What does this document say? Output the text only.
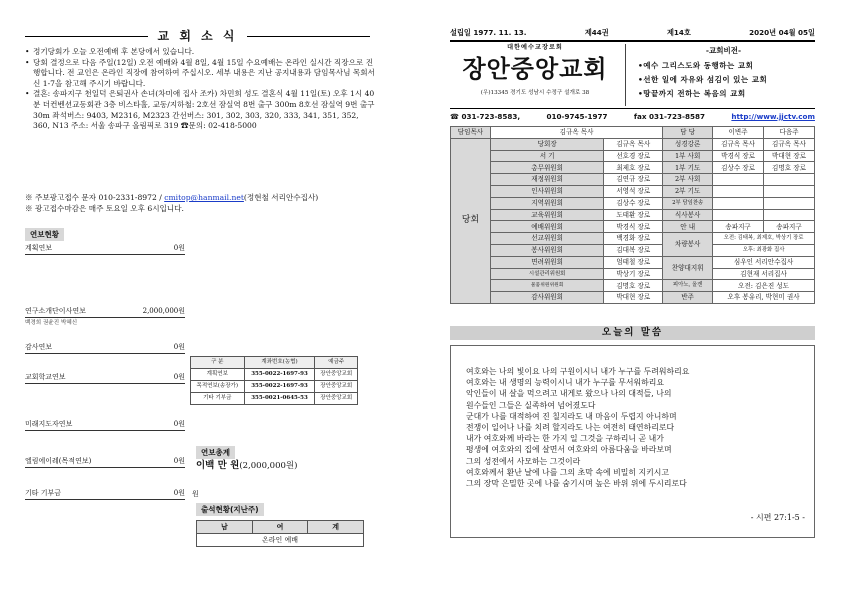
교 회 소 식
• 정기당회가 오늘 오전예배 후 본당에서 있습니다.
• 당회 결정으로 다음 주일(12일) 오전 예배와 4월 8일, 4월 15일 수요예배는 온라인 실시간 직장으로 진행합니다. 전 교인은 온라인 직장에 참여하여 주십시오. 세부 내용은 지난 공지내용과 담임목사님 목회서신 1-7을 참고해 주시기 바랍니다.
• 결혼: 송파지구 천일덕 은퇴권사 손녀(차미애 집사 조카) 차민희 성도 결혼식 4월 11일(토) 오후 1시 40분 더컨벤션교동회관 3층 비스타홀, 교동/지하철: 2호선 잠실역 8번 출구 300m 8호선 잠실역 9번 출구 30m 좌석버스: 9403, M2316, M2323 간선버스: 301, 302, 303, 320, 333, 341, 351, 352, 360, N13 주소: 서울 송파구 올림픽로 319 ☎문의: 02-418-5000
※ 주보광고접수 문자 010-2331-8972 / cmitop@hanmail.net(정현철 서리안수집사)
※ 광고접수마감은 매주 토요일 오후 6시입니다.
연보현황
계획연보	0원
연구소개단이사연보	2,000,000원
백경희 권윤진 박혜신
감사연보	0원
교회학교연보	0원
미래지도자연보	0원
엘림에이레(목적연보)	0원
기타 기부금	0원 원
구 분	계좌번호(농협)	예금주
계획연보	355-0022-1697-93	장안중앙교회
목적연보(송장가)	355-0022-1697-93	장안중앙교회
기타 기부금	355-0021-0645-53	장안중앙교회
연보총계
이백 만 원(2,000,000원)
출석현황(지난주)
남	여	계
온라인 예배
설립일 1977. 11. 13.	제44권	제14호	2020년 04월 05일
대한예수교장로회
장안중앙교회
(우)13345 경기도 성남시 수정구 설개로 38
-교회비전-
•예수 그리스도와 동행하는 교회
•선한 일에 자유와 섬김이 있는 교회
•땅끝까지 전하는 복음의 교회
☎ 031-723-8583,	010-9745-1977	fax 031-723-8587	http://www.jjctv.com
담임목사	김규옥 목사		담 당	이변주	다음주
당회	당회장	김규옥 목사	성경강론	김규옥 목사	김규옥 목사
	서 기	선호경 장로	1부 사회	박경식 장로	박대현 장로
	총무위원회	최제호 장로	1부 기도	김상수 장로	김명호 장로
	재정위원회	김연규 장로	2부 사회		
	인사위원회	서영석 장로	2부 기도		
	지역위원회	김상수 장로	2부 담임찬송		
	교육위원회	도태환 장로	식사봉사		
	예배위원회	박경식 장로	안 내	송파지구	송파지구
	선교위원회	백경화 장로	차량봉사	오전: 김태복, 최제호, 박상기 장로	
	봉사위원회	김대복 장로		오후: 최광화 집사	
	면려위원회	엄태철 장로	찬양대지휘	심우인 서리안수집사	
	시설관리위원회	박상기 장로		김현재 서리집사	
	물품위원위원회	김명호 장로	피아노, 올겐	오전: 김은진 성도	
	감사위원회	박대현 장로	반주	오후 봉유리, 박현미 권사	
오늘의 말씀
여호와는 나의 빛이요 나의 구원이시니 내가 누구를 두려워하리요
여호와는 내 생명의 능력이시니 내가 누구를 무서워하리요
악인들이 내 살을 먹으려고 내게로 왔으나 나의 대적들, 나의
원수들인 그들은 실족하여 넘어졌도다
군대가 나를 대적하여 진 칠지라도 내 마음이 두렵지 아니하며
전쟁이 일어나 나를 치려 할지라도 나는 여전히 태연하리로다
내가 여호와께 바라는 한 가지 일 그것을 구하리니 곧 내가
평생에 여호와의 집에 살면서 여호와의 아름다움을 바라보며
그의 성전에서 사모하는 그것이라
여호와께서 환난 날에 나를 그의 초막 속에 비밀히 지키시고
그의 장막 은밀한 곳에 나를 숨기시며 높은 바위 위에 두시리로다
- 시편 27:1-5 -
